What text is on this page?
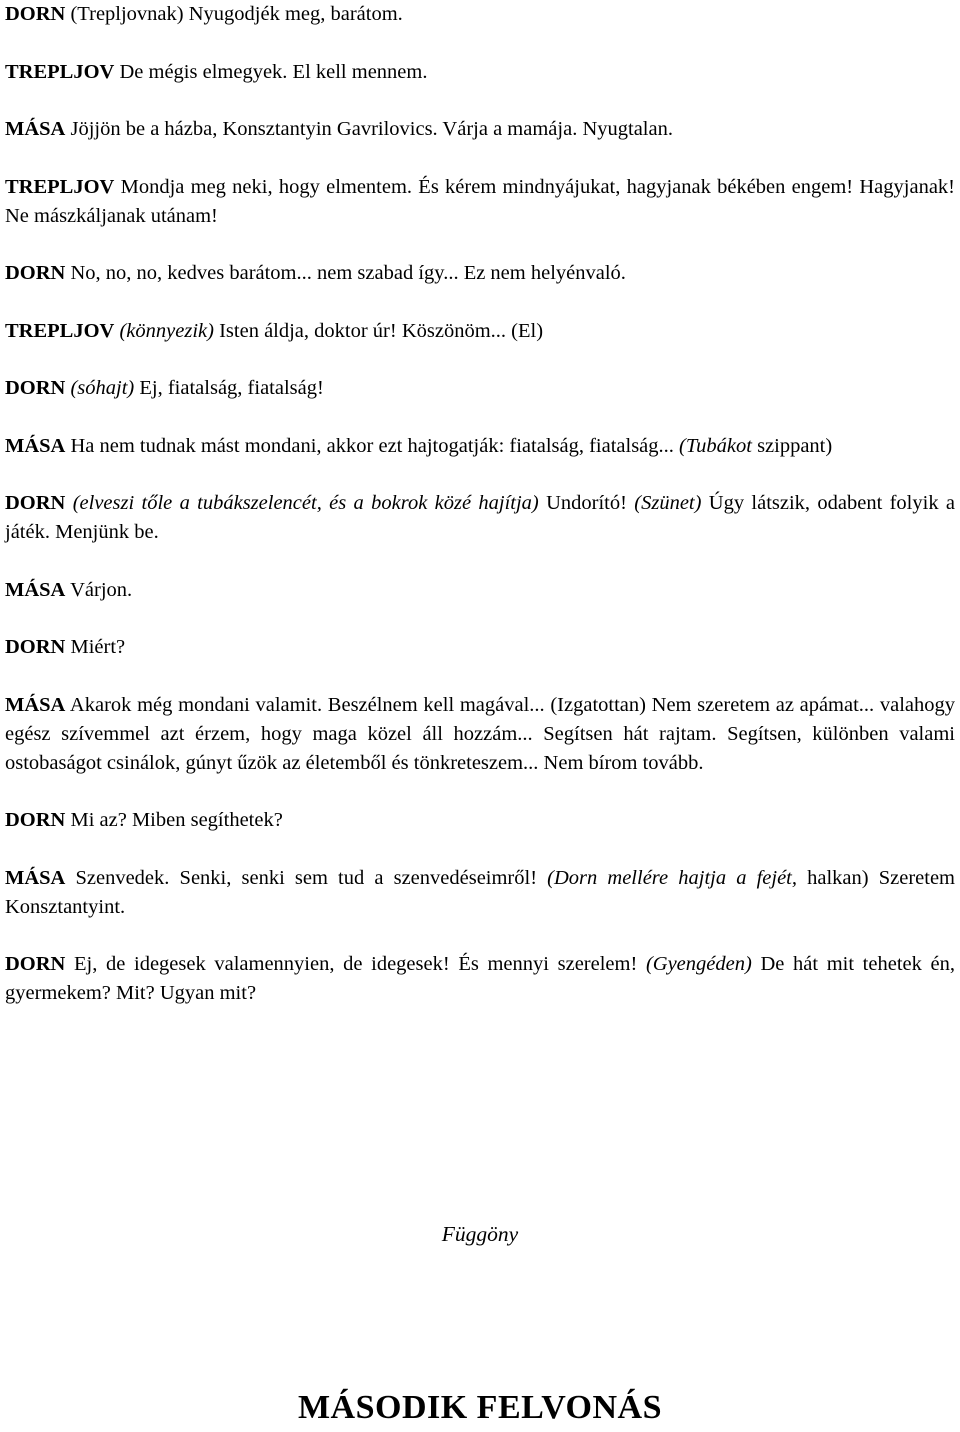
DORN (Trepljovnak) Nyugodjék meg, barátom.

TREPLJOV De mégis elmegyek. El kell mennem.

MÁSA Jöjjön be a házba, Konsztantyin Gavrilovics. Várja a mamája. Nyugtalan.

TREPLJOV Mondja meg neki, hogy elmentem. És kérem mindnyájukat, hagyjanak békében engem! Hagyjanak! Ne mászkáljanak utánam!

DORN No, no, no, kedves barátom... nem szabad így... Ez nem helyénvaló.

TREPLJOV (könnyezik) Isten áldja, doktor úr! Köszönöm... (El)

DORN (sóhajt) Ej, fiatalság, fiatalság!

MÁSA Ha nem tudnak mást mondani, akkor ezt hajtogatják: fiatalság, fiatalság... (Tubákot szippant)

DORN (elveszi tőle a tubákszelencét, és a bokrok közé hajítja) Undorító! (Szünet) Úgy látszik, odabent folyik a játék. Menjünk be.

MÁSA Várjon.

DORN Miért?

MÁSA Akarok még mondani valamit. Beszélnem kell magával... (Izgatottan) Nem szeretem az apámat... valahogy egész szívemmel azt érzem, hogy maga közel áll hozzám... Segítsen hát rajtam. Segítsen, különben valami ostobaságot csinálok, gúnyt űzök az életemből és tönkreteszem... Nem bírom tovább.

DORN Mi az? Miben segíthetek?

MÁSA Szenvedek. Senki, senki sem tud a szenvedéseimről! (Dorn mellére hajtja a fejét, halkan) Szeretem Konsztantyint.

DORN Ej, de idegesek valamennyien, de idegesek! És mennyi szerelem! (Gyengéden) De hát mit tehetek én, gyermekem? Mit? Ugyan mit?

Függöny
MÁSODIK FELVONÁS
